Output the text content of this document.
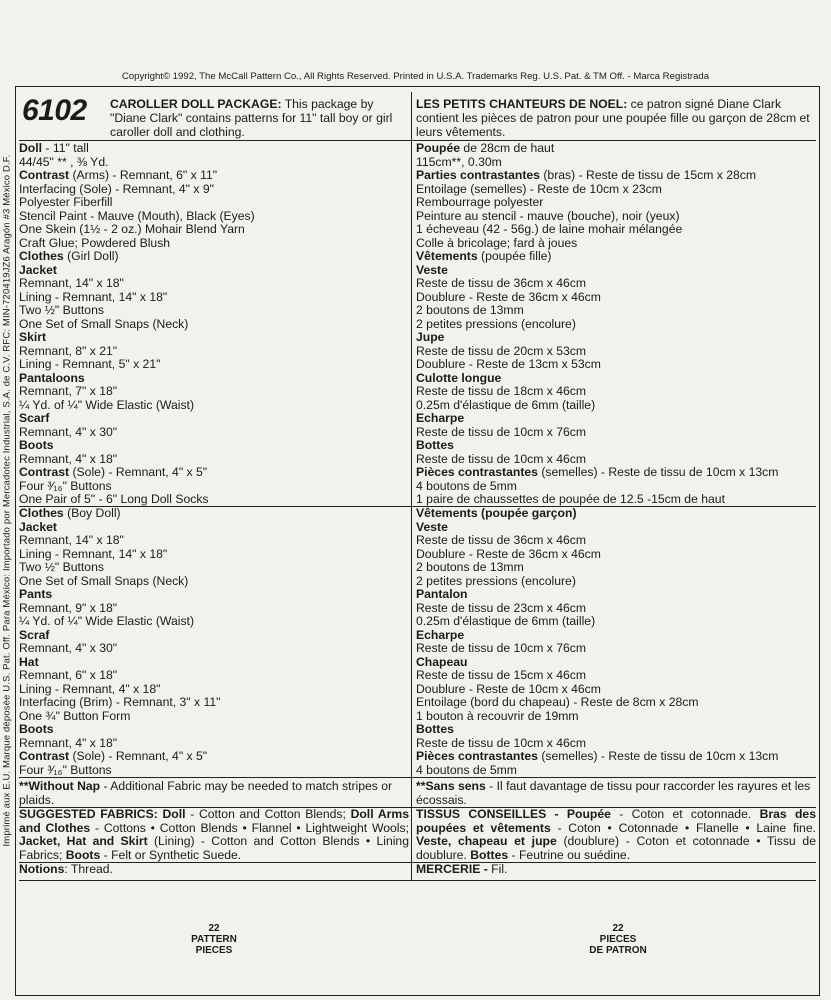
Imprimé aux E.U. Marque déposée U.S. Pat. Off. Para México: Importado por Mercadotec Industrial, S.A. de C.V. RFC: MIN-720419JZ6 Aragón #3 México D.F.
Copyright© 1992, The McCall Pattern Co., All Rights Reserved. Printed in U.S.A. Trademarks Reg. U.S. Pat. & TM Off. - Marca Registrada
6102 CAROLLER DOLL PACKAGE: This package by "Diane Clark" contains patterns for 11" tall boy or girl caroller doll and clothing.
LES PETITS CHANTEURS DE NOEL: ce patron signé Diane Clark contient les pièces de patron pour une poupée fille ou garçon de 28cm et leurs vêtements.
Doll - 11" tall
44/45" ** , ⅜ Yd.
Contrast (Arms) - Remnant, 6" x 11"
Interfacing (Sole) - Remnant, 4" x 9"
Polyester Fiberfill
Stencil Paint - Mauve (Mouth), Black (Eyes)
One Skein (1½ - 2 oz.) Mohair Blend Yarn
Craft Glue; Powdered Blush
Clothes (Girl Doll)
Jacket
Remnant, 14" x 18"
Lining - Remnant, 14" x 18"
Two ½" Buttons
One Set of Small Snaps (Neck)
Skirt
Remnant, 8" x 21"
Lining - Remnant, 5" x 21"
Pantaloons
Remnant, 7" x 18"
¼ Yd. of ¼" Wide Elastic (Waist)
Scarf
Remnant, 4" x 30"
Boots
Remnant, 4" x 18"
Contrast (Sole) - Remnant, 4" x 5"
Four ³⁄₁₆" Buttons
One Pair of 5" - 6" Long Doll Socks
Poupée de 28cm de haut
115cm**, 0.30m
Parties contrastantes (bras) - Reste de tissu de 15cm x 28cm
Entoilage (semelles) - Reste de 10cm x 23cm
Rembourrage polyester
Peinture au stencil - mauve (bouche), noir (yeux)
1 écheveau (42 - 56g.) de laine mohair mélangée
Colle à bricolage; fard à joues
Vêtements (poupée fille)
Veste
Reste de tissu de 36cm x 46cm
Doublure - Reste de 36cm x 46cm
2 boutons de 13mm
2 petites pressions (encolure)
Jupe
Reste de tissu de 20cm x 53cm
Doublure - Reste de 13cm x 53cm
Culotte longue
Reste de tissu de 18cm x 46cm
0.25m d'élastique de 6mm (taille)
Echarpe
Reste de tissu de 10cm x 76cm
Bottes
Reste de tissu de 10cm x 46cm
Pièces contrastantes (semelles) - Reste de tissu de 10cm x 13cm
4 boutons de 5mm
1 paire de chaussettes de poupée de 12.5 -15cm de haut
Clothes (Boy Doll)
Jacket
Remnant, 14" x 18"
Lining - Remnant, 14" x 18"
Two ½" Buttons
One Set of Small Snaps (Neck)
Pants
Remnant, 9" x 18"
¼ Yd. of ¼" Wide Elastic (Waist)
Scraf
Remnant, 4" x 30"
Hat
Remnant, 6" x 18"
Lining - Remnant, 4" x 18"
Interfacing (Brim) - Remnant, 3" x 11"
One ¾" Button Form
Boots
Remnant, 4" x 18"
Contrast (Sole) - Remnant, 4" x 5"
Four ³⁄₁₆" Buttons
Vêtements (poupée garçon)
Veste
Reste de tissu de 36cm x 46cm
Doublure - Reste de 36cm x 46cm
2 boutons de 13mm
2 petites pressions (encolure)
Pantalon
Reste de tissu de 23cm x 46cm
0.25m d'élastique de 6mm (taille)
Echarpe
Reste de tissu de 10cm x 76cm
Chapeau
Reste de tissu de 15cm x 46cm
Doublure - Reste de 10cm x 46cm
Entoilage (bord du chapeau) - Reste de 8cm x 28cm
1 bouton à recouvrir de 19mm
Bottes
Reste de tissu de 10cm x 46cm
Pièces contrastantes (semelles) - Reste de tissu de 10cm x 13cm
4 boutons de 5mm
**Without Nap - Additional Fabric may be needed to match stripes or plaids.
**Sans sens - Il faut davantage de tissu pour raccorder les rayures et les écossais.
SUGGESTED FABRICS: Doll - Cotton and Cotton Blends; Doll Arms and Clothes - Cottons • Cotton Blends • Flannel • Lightweight Wools; Jacket, Hat and Skirt (Lining) - Cotton and Cotton Blends • Lining Fabrics; Boots - Felt or Synthetic Suede.
TISSUS CONSEILLES - Poupée - Coton et cotonnade. Bras des poupées et vêtements - Coton • Cotonnade • Flanelle • Laine fine. Veste, chapeau et jupe (doublure) - Coton et cotonnade • Tissu de doublure. Bottes - Feutrine ou suédine.
Notions: Thread.	MERCERIE - Fil.
22
PATTERN
PIECES
22
PIECES
DE PATRON
